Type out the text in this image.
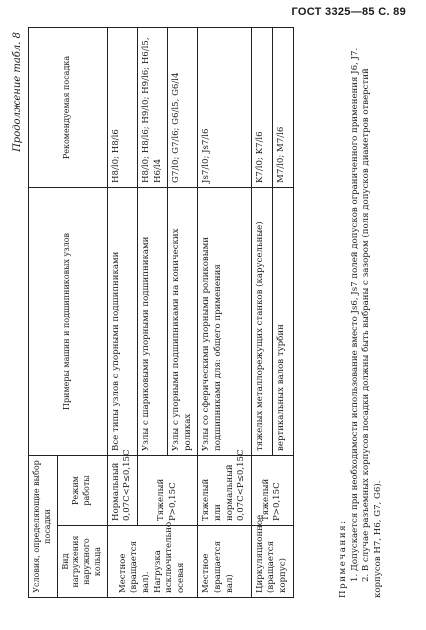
ГОСТ 3325—85 С. 89
Продолжение табл. 8
Условия, определяющие выбор посадки		Примеры машин и подшипниковых узлов	Рекомендуемая посадка
Вид нагружения наружного кольца	Режим работы		
Местное (вращается вал). Нагрузка исключительно осевая	Нормальный 0,07C<P≤0,15C	Все типы узлов с упорными подшипниками	H8/l0; H8/l6
	Тяжелый P>0,15C	Узлы с шариковыми упорными подшипниками	H8/l0; H8/l6; H9/l0; H9/l6; H6/l5, H6/l4
		Узлы с упорными подшипниками на конических роликах	G7/l0; G7/l6; G6/l5, G6/l4
Местное (вращается вал)	Тяжелый или нормальный 0,07C<P≤0,15C	Узлы со сферическими упорными роликовыми подшипниками для: общего применения	Js7/l0; Js7/l6
Циркуляционное (вращается корпус)	Тяжелый P>0,15C	тяжелых металлорежущих станков (карусельные)	K7/l0; K7/l6
		вертикальных валов турбин	M7/l0; M7/l6
Примечания: 1. Допускается при необходимости использование вместо Js6, Js7 полей допусков ограниченного применения J6, J7. 2. В случае разъемных корпусов посадки должны быть выбраны с зазором (поля допусков диаметров отверстий корпусов H7, H6, G7, G6).
